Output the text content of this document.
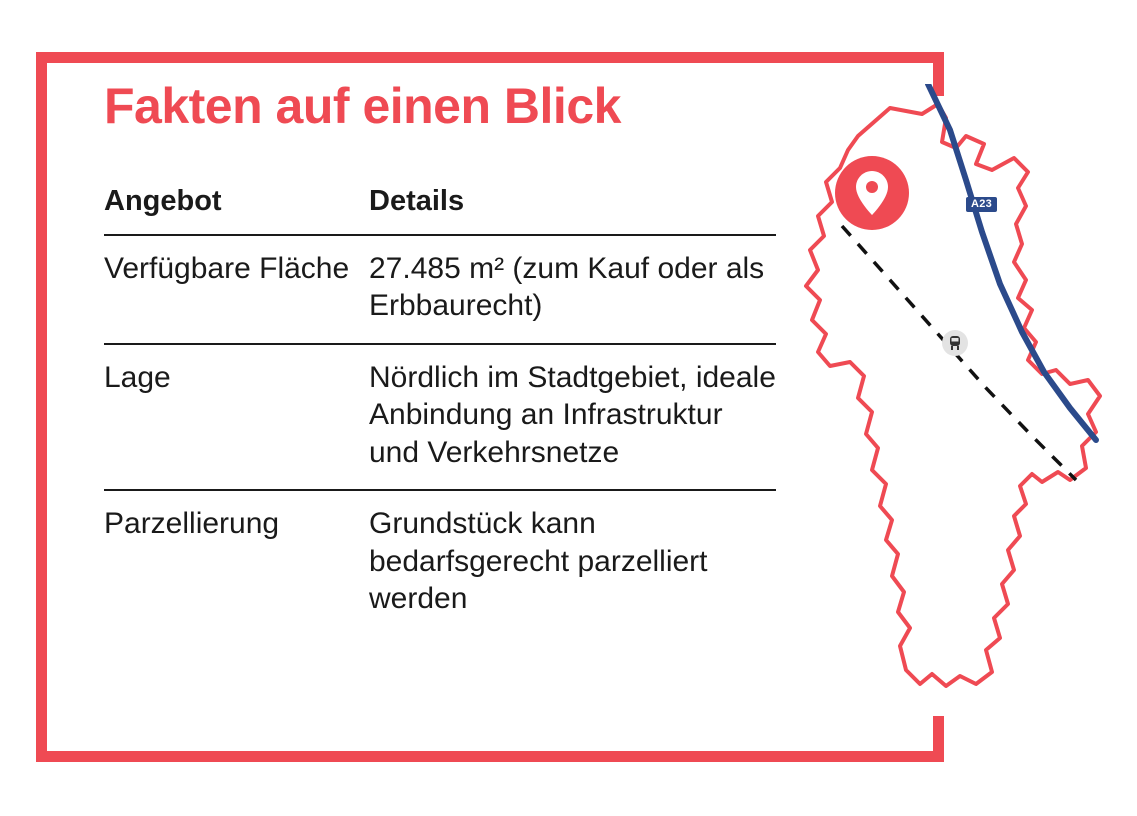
Fakten auf einen Blick
Angebot	Details
Verfügbare Fläche	27.485 m² (zum Kauf oder als Erbbaurecht)
Lage	Nördlich im Stadtgebiet, ideale Anbindung an Infrastruktur und Verkehrsnetze
Parzellierung	Grundstück kann bedarfsgerecht parzelliert werden
A23
